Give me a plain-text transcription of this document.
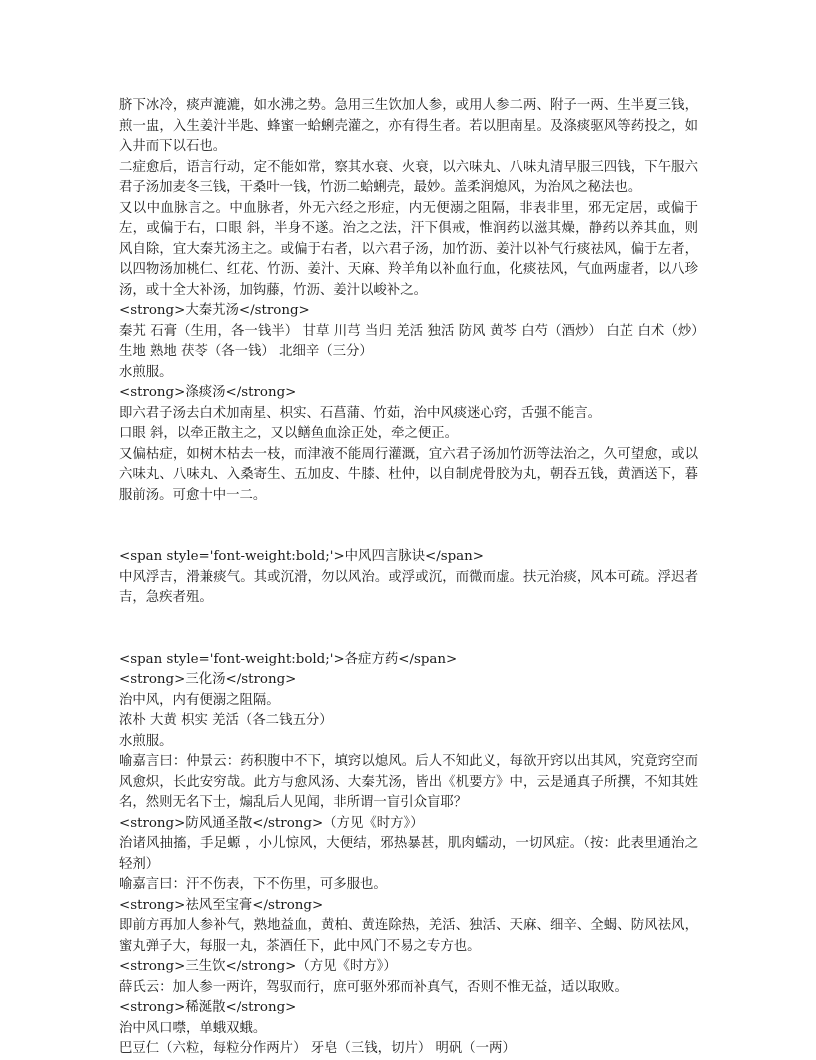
脐下冰冷，痰声漉漉，如水沸之势。急用三生饮加人参，或用人参二两、附子一两、生半夏三钱，煎一盅，入生姜汁半匙、蜂蜜一蛤蜊壳灌之，亦有得生者。若以胆南星。及涤痰驱风等药投之，如入井而下以石也。

二症愈后，语言行动，定不能如常，察其水衰、火衰，以六味丸、八味丸清早服三四钱，下午服六君子汤加麦冬三钱，干桑叶一钱，竹沥二蛤蜊壳，最妙。盖柔润熄风，为治风之秘法也。

又以中血脉言之。中血脉者，外无六经之形症，内无便溺之阻隔，非表非里，邪无定居，或偏于左，或偏于右，口眼 斜，半身不遂。治之之法，汗下俱戒，惟润药以滋其燥，静药以养其血，则风自除，宜大秦艽汤主之。或偏于右者，以六君子汤，加竹沥、姜汁以补气行痰祛风，偏于左者，以四物汤加桃仁、红花、竹沥、姜汁、天麻、羚羊角以补血行血，化痰祛风，气血两虚者，以八珍汤，或十全大补汤，加钩藤，竹沥、姜汁以峻补之。

<strong>大秦艽汤</strong>

秦艽 石膏（生用，各一钱半） 甘草 川芎 当归 羌活 独活 防风 黄芩 白芍（酒炒） 白芷 白术（炒）生地 熟地 茯苓（各一钱） 北细辛（三分）

水煎服。

<strong>涤痰汤</strong>

即六君子汤去白术加南星、枳实、石菖蒲、竹茹，治中风痰迷心窍，舌强不能言。

口眼 斜，以牵正散主之，又以鳝鱼血涂正处，牵之便正。

又偏枯症，如树木枯去一枝，而津液不能周行灌溉，宜六君子汤加竹沥等法治之，久可望愈，或以六味丸、八味丸、入桑寄生、五加皮、牛膝、杜仲，以自制虎骨胶为丸，朝吞五钱，黄酒送下，暮服前汤。可愈十中一二。

<span style='font-weight:bold;'>中风四言脉诀</span>

中风浮吉，滑兼痰气。其或沉滑，勿以风治。或浮或沉，而微而虚。扶元治痰，风本可疏。浮迟者吉，急疾者殂。

<span style='font-weight:bold;'>各症方药</span>

<strong>三化汤</strong>

治中风，内有便溺之阻隔。

浓朴 大黄 枳实 羌活（各二钱五分）

水煎服。

喻嘉言曰：仲景云：药积腹中不下，填窍以熄风。后人不知此义，每欲开窍以出其风，究竟窍空而风愈炽，长此安穷哉。此方与愈风汤、大秦艽汤，皆出《机要方》中，云是通真子所撰，不知其姓名，然则无名下士，煽乱后人见闻，非所谓一盲引众盲耶？

<strong>防风通圣散</strong>（方见《时方》）

治诸风抽搐，手足螈 ，小儿惊风，大便结，邪热暴甚，肌肉蠕动，一切风症。（按：此表里通治之轻剂）

喻嘉言曰：汗不伤表，下不伤里，可多服也。

<strong>祛风至宝膏</strong>

即前方再加人参补气，熟地益血，黄柏、黄连除热，羌活、独活、天麻、细辛、全蝎、防风祛风，蜜丸弹子大，每服一丸，茶酒任下，此中风门不易之专方也。

<strong>三生饮</strong>（方见《时方》）

薛氏云：加人参一两许，驾驭而行，庶可驱外邪而补真气，否则不惟无益，适以取败。

<strong>稀涎散</strong>

治中风口噤，单蛾双蛾。

巴豆仁（六粒，每粒分作两片） 牙皂（三钱，切片） 明矾（一两）
